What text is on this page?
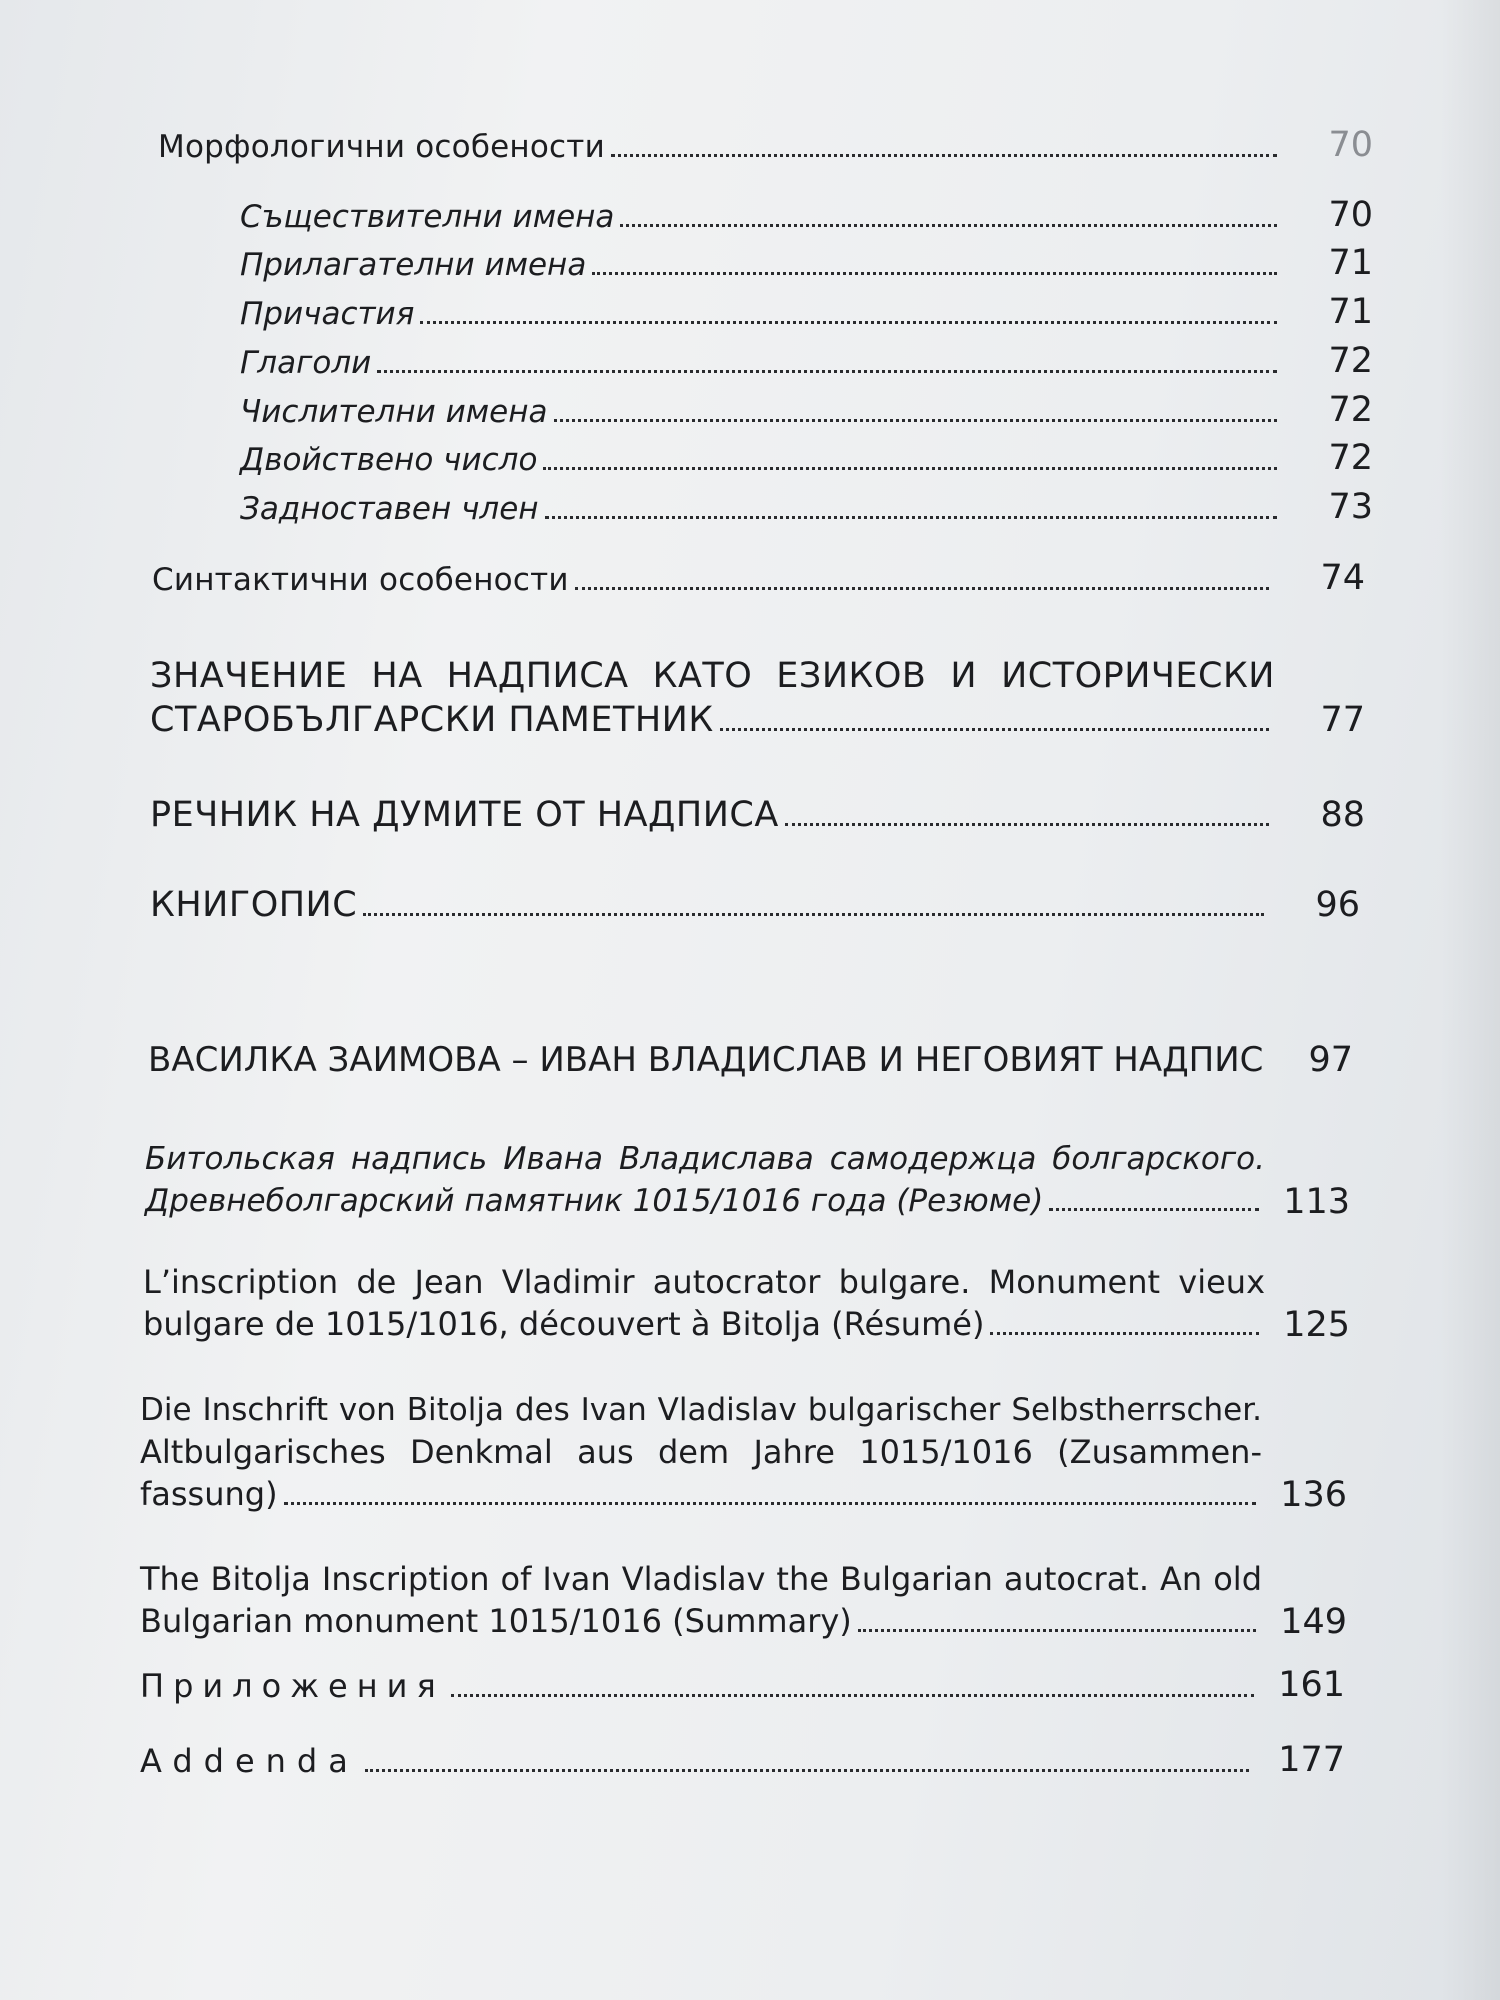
Морфологични особености	70
Съществителни имена	70
Прилагателни имена	71
Причастия	71
Глаголи	72
Числителни имена	72
Двойствено число	72
Задноставен член	73
Синтактични особености	74
ЗНАЧЕНИЕ НА НАДПИСА КАТО ЕЗИКОВ И ИСТОРИЧЕСКИ
СТАРОБЪЛГАРСКИ ПАМЕТНИК	77
РЕЧНИК НА ДУМИТЕ ОТ НАДПИСА	88
КНИГОПИС	96
ВАСИЛКА ЗАИМОВА – ИВАН ВЛАДИСЛАВ И НЕГОВИЯТ НАДПИС	97
Битольская надпись Ивана Владислава самодержца болгарского.
Древнеболгарский памятник 1015/1016 года (Резюме)	113
L’inscription de Jean Vladimir autocrator bulgare. Monument vieux
bulgare de 1015/1016, découvert à Bitolja (Résumé)	125
Die Inschrift von Bitolja des Ivan Vladislav bulgarischer Selbstherrscher.
Altbulgarisches Denkmal aus dem Jahre 1015/1016 (Zusammen-
fassung)	136
The Bitolja Inscription of Ivan Vladislav the Bulgarian autocrat. An old
Bulgarian monument 1015/1016 (Summary)	149
Приложения	161
Addenda	177
